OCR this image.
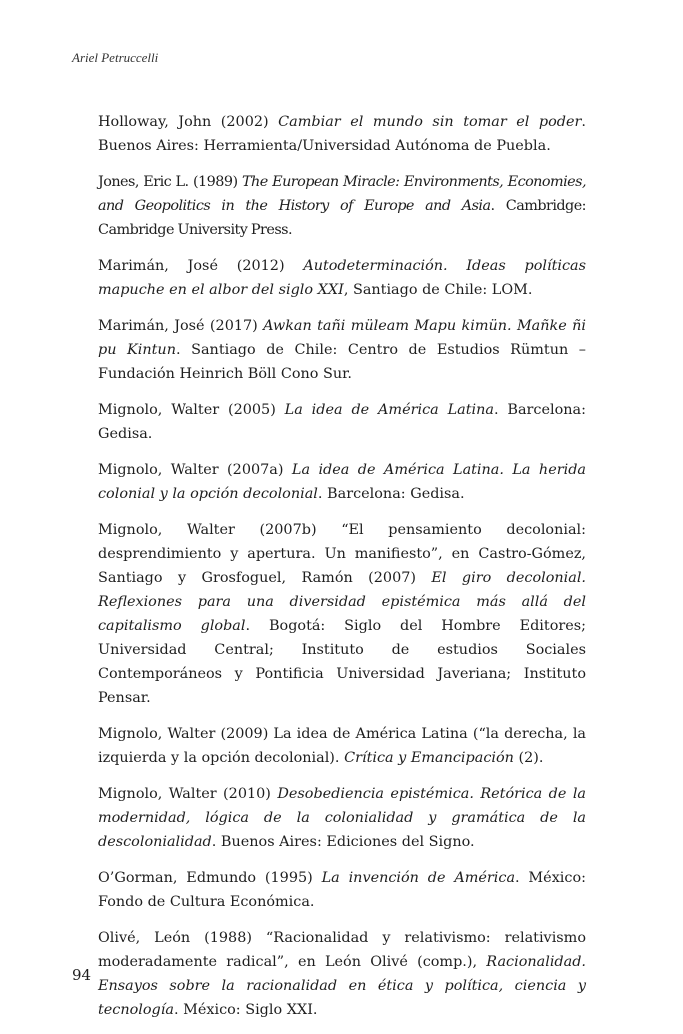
Ariel Petruccelli

Holloway, John (2002) Cambiar el mundo sin tomar el poder. Buenos Aires: Herramienta/Universidad Autónoma de Puebla.

Jones, Eric L. (1989) The European Miracle: Environments, Economies, and Geopolitics in the History of Europe and Asia. Cambridge: Cambridge University Press.

Marimán, José (2012) Autodeterminación. Ideas políticas mapuche en el albor del siglo XXI, Santiago de Chile: LOM.

Marimán, José (2017) Awkan tañi müleam Mapu kimün. Mañke ñi pu Kintun. Santiago de Chile: Centro de Estudios Rümtun – Fundación Heinrich Böll Cono Sur.

Mignolo, Walter (2005) La idea de América Latina. Barcelona: Gedisa.

Mignolo, Walter (2007a) La idea de América Latina. La herida colonial y la opción decolonial. Barcelona: Gedisa.

Mignolo, Walter (2007b) “El pensamiento decolonial: desprendimiento y apertura. Un manifiesto”, en Castro-Gómez, Santiago y Grosfoguel, Ramón (2007) El giro decolonial. Reflexiones para una diversidad epistémica más allá del capitalismo global. Bogotá: Siglo del Hombre Editores; Universidad Central; Instituto de estudios Sociales Contemporáneos y Pontificia Universidad Javeriana; Instituto Pensar.

Mignolo, Walter (2009) La idea de América Latina (“la derecha, la izquierda y la opción decolonial). Crítica y Emancipación (2).

Mignolo, Walter (2010) Desobediencia epistémica. Retórica de la modernidad, lógica de la colonialidad y gramática de la descolonialidad. Buenos Aires: Ediciones del Signo.

O’Gorman, Edmundo (1995) La invención de América. México: Fondo de Cultura Económica.

Olivé, León (1988) “Racionalidad y relativismo: relativismo moderadamente radical”, en León Olivé (comp.), Racionalidad. Ensayos sobre la racionalidad en ética y política, ciencia y tecnología. México: Siglo XXI.

94
